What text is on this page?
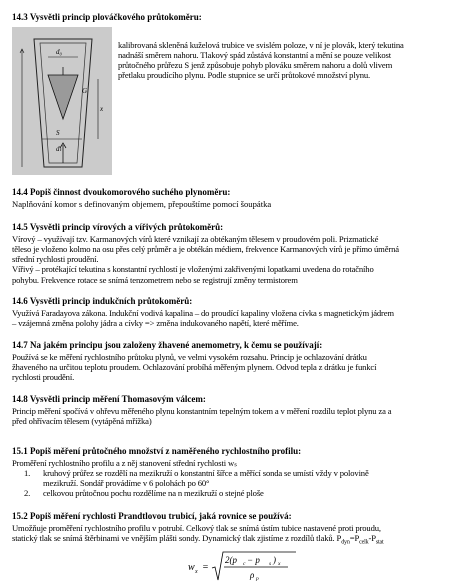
14.3 Vysvětli princip plováčkového průtokoměru:
d₀
G
S
dₜ
x

kalibrovaná skleněná kuželová trubice ve svislém poloze, v ní je plovák, který tekutina

nadnáší směrem nahoru. Tlakový spád zůstává konstantní a mění se pouze velikost

průtočného průřezu S jenž způsobuje pohyb plováku směrem nahoru a dolů vlivem

přetlaku proudícího plynu. Podle stupnice se určí průtokové množství plynu.

14.4 Popiš činnost dvoukomorového suchého plynoměru:

Naplňování komor s definovaným objemem, přepouštíme pomocí šoupátka

14.5 Vysvětli princip vírových a vířivých průtokoměrů:

Vírový – využívají tzv. Karmanových vírů které vznikají za obtékaným tělesem v proudovém poli. Prizmatické

těleso je vloženo kolmo na osu přes celý průměr a je obtékán médiem, frekvence Karmanových vírů je přímo úměrná

střední rychlosti proudění.

Vířivý – protékající tekutina s konstantní rychlostí je vloženými zakřivenými lopatkami uvedena do rotačního

pohybu. Frekvence rotace se snímá tenzometrem nebo se registrují změny termistorem

14.6 Vysvětli princip indukčních průtokoměrů:

Využívá Faradayova zákona. Indukční vodivá kapalina – do proudící kapaliny vložena cívka s magnetickým jádrem

– vzájemná změna polohy jádra a cívky => změna indukovaného napětí, které měříme.

14.7 Na jakém principu jsou založeny žhavené anemometry, k čemu se používají:

Používá se ke měření rychlostního průtoku plynů, ve velmi vysokém rozsahu. Princip je ochlazování drátku

žhaveného na určitou teplotu proudem. Ochlazování probíhá měřeným plynem. Odvod tepla z drátku je funkcí

rychlosti proudění.

14.8 Vysvětli princip měření Thomasovým válcem:

Princip měření spočívá v ohřevu měřeného plynu konstantním tepelným tokem a v měření rozdílu teplot plynu za a

před ohřívacím tělesem (vytápěná mřížka)

15.1 Popiš měření průtočného množství z naměřeného rychlostního profilu:

Proměření rychlostního profilu a z něj stanovení střední rychlosti wₛ

1. kruhový průřez se rozdělí na mezikruží o konstantní šířce a měřící sonda se umístí vždy v polovině

mezikruží. Sondář provádíme v 6 polohách po 60°

2. celkovou průtočnou pochu rozdělíme na n mezikruží o stejné ploše

15.2 Popiš měření rychlosti Prandtlovou trubicí, jaká rovnice se používá:

Umožňuje proměření rychlostního profilu v potrubí. Celkový tlak se snímá ústím tubice nastavené proti proudu,

statický tlak se snímá štěrbinami ve vnějším plášti sondy. Dynamický tlak zjistíme z rozdílů tlaků. $P_{dyn}=P_{celk}-P_{stat}$

w x =
2(p c − p s ) x
ρ p
